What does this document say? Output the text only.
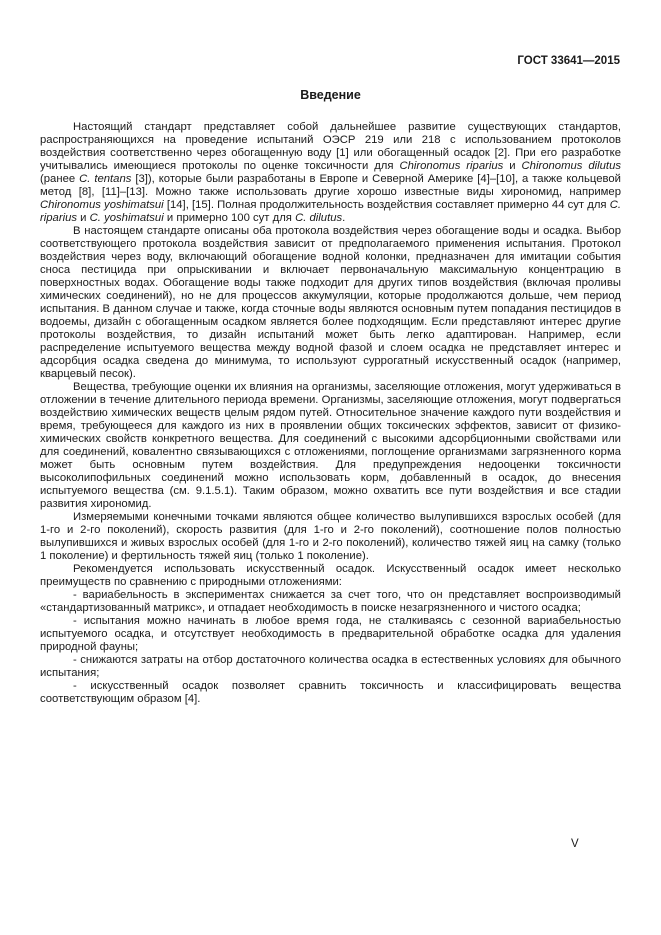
ГОСТ 33641—2015
Введение

Настоящий стандарт представляет собой дальнейшее развитие существующих стандартов, распространяющихся на проведение испытаний ОЭСР 219 или 218 с использованием протоколов воздействия соответственно через обогащенную воду [1] или обогащенный осадок [2]. При его разработке учитывались имеющиеся протоколы по оценке токсичности для Chironomus riparius и Chironomus dilutus (ранее C. tentans [3]), которые были разработаны в Европе и Северной Америке [4]–[10], а также кольцевой метод [8], [11]–[13]. Можно также использовать другие хорошо известные виды хирономид, например Chironomus yoshimatsui [14], [15]. Полная продолжительность воздействия составляет примерно 44 сут для C. riparius и C. yoshimatsui и примерно 100 сут для C. dilutus.

В настоящем стандарте описаны оба протокола воздействия через обогащение воды и осадка. Выбор соответствующего протокола воздействия зависит от предполагаемого применения испытания. Протокол воздействия через воду, включающий обогащение водной колонки, предназначен для имитации события сноса пестицида при опрыскивании и включает первоначальную максимальную концентрацию в поверхностных водах. Обогащение воды также подходит для других типов воздействия (включая проливы химических соединений), но не для процессов аккумуляции, которые продолжаются дольше, чем период испытания. В данном случае и также, когда сточные воды являются основным путем попадания пестицидов в водоемы, дизайн с обогащенным осадком является более подходящим. Если представляют интерес другие протоколы воздействия, то дизайн испытаний может быть легко адаптирован. Например, если распределение испытуемого вещества между водной фазой и слоем осадка не представляет интерес и адсорбция осадка сведена до минимума, то используют суррогатный искусственный осадок (например, кварцевый песок).

Вещества, требующие оценки их влияния на организмы, заселяющие отложения, могут удерживаться в отложении в течение длительного периода времени. Организмы, заселяющие отложения, могут подвергаться воздействию химических веществ целым рядом путей. Относительное значение каждого пути воздействия и время, требующееся для каждого из них в проявлении общих токсических эффектов, зависит от физико-химических свойств конкретного вещества. Для соединений с высокими адсорбционными свойствами или для соединений, ковалентно связывающихся с отложениями, поглощение организмами загрязненного корма может быть основным путем воздействия. Для предупреждения недооценки токсичности высоколипофильных соединений можно использовать корм, добавленный в осадок, до внесения испытуемого вещества (см. 9.1.5.1). Таким образом, можно охватить все пути воздействия и все стадии развития хирономид.

Измеряемыми конечными точками являются общее количество вылупившихся взрослых особей (для 1-го и 2-го поколений), скорость развития (для 1-го и 2-го поколений), соотношение полов полностью вылупившихся и живых взрослых особей (для 1-го и 2-го поколений), количество тяжей яиц на самку (только 1 поколение) и фертильность тяжей яиц (только 1 поколение).

Рекомендуется использовать искусственный осадок. Искусственный осадок имеет несколько преимуществ по сравнению с природными отложениями:

- вариабельность в экспериментах снижается за счет того, что он представляет воспроизводимый «стандартизованный матрикс», и отпадает необходимость в поиске незагрязненного и чистого осадка;

- испытания можно начинать в любое время года, не сталкиваясь с сезонной вариабельностью испытуемого осадка, и отсутствует необходимость в предварительной обработке осадка для удаления природной фауны;

- снижаются затраты на отбор достаточного количества осадка в естественных условиях для обычного испытания;

- искусственный осадок позволяет сравнить токсичность и классифицировать вещества соответствующим образом [4].

V
